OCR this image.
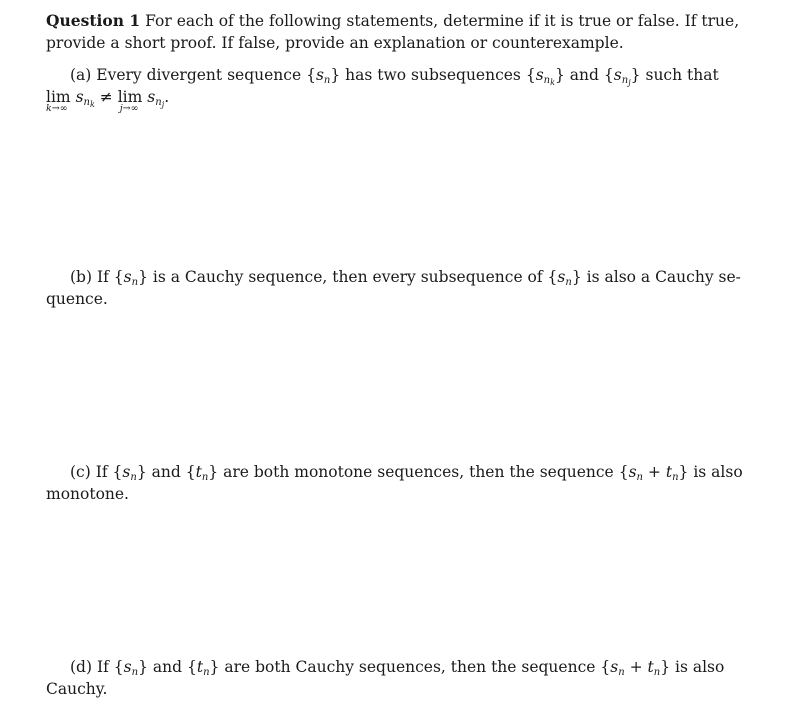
Question 1 For each of the following statements, determine if it is true or false. If true,
provide a short proof. If false, provide an explanation or counterexample.
(a) Every divergent sequence $\{s_n\}$ has two subsequences $\{s_{n_k}\}$ and $\{s_{n_j}\}$ such that
lim
k→∞
$s_{n_k} \ne \lim$
j→∞
$s_{n_j}$.
(b) If $\{s_n\}$ is a Cauchy sequence, then every subsequence of $\{s_n\}$ is also a Cauchy se-
quence.
(c) If $\{s_n\}$ and $\{t_n\}$ are both monotone sequences, then the sequence $\{s_n + t_n\}$ is also
monotone.
(d) If $\{s_n\}$ and $\{t_n\}$ are both Cauchy sequences, then the sequence $\{s_n + t_n\}$ is also
Cauchy.
